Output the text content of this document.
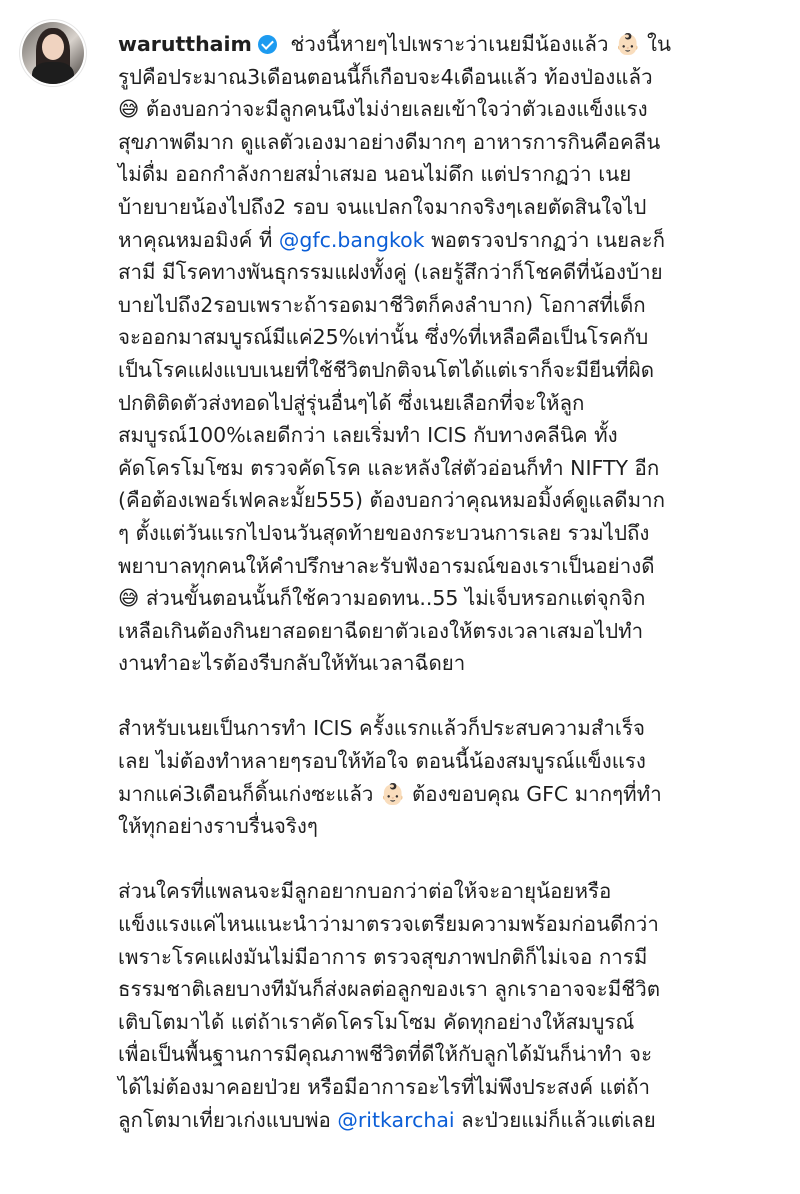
warutthaim ช่วงนี้หายๆไปเพราะว่าเนยมีน้องแล้ว 👶🏻 ใน
รูปคือประมาณ3เดือนตอนนี้ก็เกือบจะ4เดือนแล้ว ท้องป่องแล้ว
😅 ต้องบอกว่าจะมีลูกคนนึงไม่ง่ายเลยเข้าใจว่าตัวเองแข็งแรง
สุขภาพดีมาก ดูแลตัวเองมาอย่างดีมากๆ อาหารการกินคือคลีน
ไม่ดื่ม ออกกำลังกายสม่ำเสมอ นอนไม่ดึก แต่ปรากฏว่า เนย
บ้ายบายน้องไปถึง2 รอบ จนแปลกใจมากจริงๆเลยตัดสินใจไป
หาคุณหมอมิงค์ ที่ @gfc.bangkok พอตรวจปรากฏว่า เนยละก็
สามี มีโรคทางพันธุกรรมแฝงทั้งคู่ (เลยรู้สึกว่าก็โชคดีที่น้องบ้าย
บายไปถึง2รอบเพราะถ้ารอดมาชีวิตก็คงลำบาก) โอกาสที่เด็ก
จะออกมาสมบูรณ์มีแค่25%เท่านั้น ซึ่ง%ที่เหลือคือเป็นโรคกับ
เป็นโรคแฝงแบบเนยที่ใช้ชีวิตปกติจนโตได้แต่เราก็จะมียีนที่ผิด
ปกติติดตัวส่งทอดไปสู่รุ่นอื่นๆได้ ซึ่งเนยเลือกที่จะให้ลูก
สมบูรณ์100%เลยดีกว่า เลยเริ่มทำ ICIS กับทางคลีนิค ทั้ง
คัดโครโมโซม ตรวจคัดโรค และหลังใส่ตัวอ่อนก็ทำ NIFTY อีก
(คือต้องเพอร์เฟคละมั้ย555) ต้องบอกว่าคุณหมอมิ้งค์ดูแลดีมาก
ๆ ตั้งแต่วันแรกไปจนวันสุดท้ายของกระบวนการเลย รวมไปถึง
พยาบาลทุกคนให้คำปรึกษาละรับฟังอารมณ์ของเราเป็นอย่างดี
😅 ส่วนขั้นตอนนั้นก็ใช้ความอดทน..55 ไม่เจ็บหรอกแต่จุกจิก
เหลือเกินต้องกินยาสอดยาฉีดยาตัวเองให้ตรงเวลาเสมอไปทำ
งานทำอะไรต้องรีบกลับให้ทันเวลาฉีดยา
สำหรับเนยเป็นการทำ ICIS ครั้งแรกแล้วก็ประสบความสำเร็จ
เลย ไม่ต้องทำหลายๆรอบให้ท้อใจ ตอนนี้น้องสมบูรณ์แข็งแรง
มากแค่3เดือนก็ดิ้นเก่งซะแล้ว 👶🏻 ต้องขอบคุณ GFC มากๆที่ทำ
ให้ทุกอย่างราบรื่นจริงๆ
ส่วนใครที่แพลนจะมีลูกอยากบอกว่าต่อให้จะอายุน้อยหรือ
แข็งแรงแค่ไหนแนะนำว่ามาตรวจเตรียมความพร้อมก่อนดีกว่า
เพราะโรคแฝงมันไม่มีอาการ ตรวจสุขภาพปกติก็ไม่เจอ การมี
ธรรมชาติเลยบางทีมันก็ส่งผลต่อลูกของเรา ลูกเราอาจจะมีชีวิต
เติบโตมาได้ แต่ถ้าเราคัดโครโมโซม คัดทุกอย่างให้สมบูรณ์
เพื่อเป็นพื้นฐานการมีคุณภาพชีวิตที่ดีให้กับลูกได้มันก็น่าทำ จะ
ได้ไม่ต้องมาคอยป่วย หรือมีอาการอะไรที่ไม่พึงประสงค์ แต่ถ้า
ลูกโตมาเที่ยวเก่งแบบพ่อ @ritkarchai ละป่วยแม่ก็แล้วแต่เลย
